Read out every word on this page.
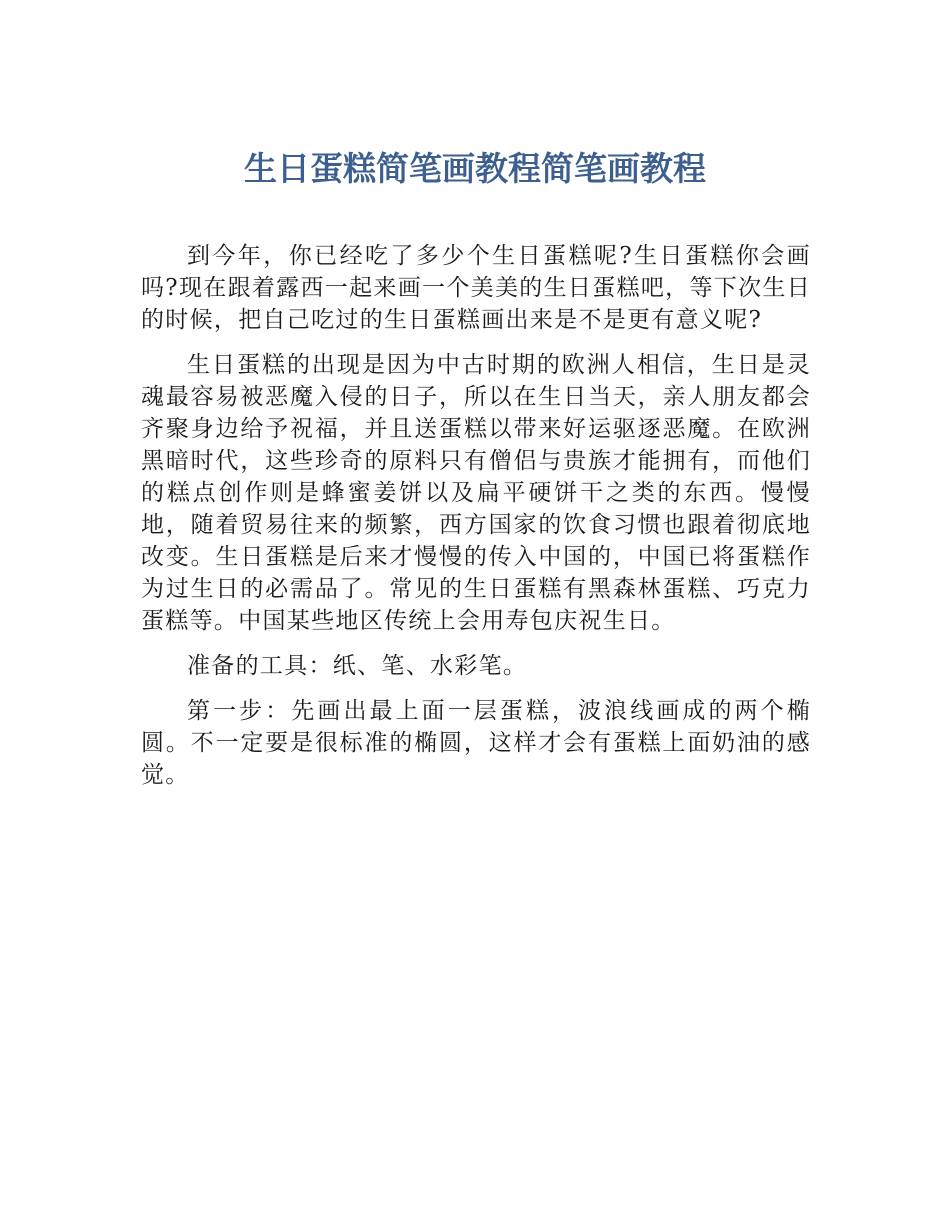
生日蛋糕简笔画教程简笔画教程

到今年，你已经吃了多少个生日蛋糕呢?生日蛋糕你会画吗?现在跟着露西一起来画一个美美的生日蛋糕吧，等下次生日的时候，把自己吃过的生日蛋糕画出来是不是更有意义呢?

生日蛋糕的出现是因为中古时期的欧洲人相信，生日是灵魂最容易被恶魔入侵的日子，所以在生日当天，亲人朋友都会齐聚身边给予祝福，并且送蛋糕以带来好运驱逐恶魔。在欧洲黑暗时代，这些珍奇的原料只有僧侣与贵族才能拥有，而他们的糕点创作则是蜂蜜姜饼以及扁平硬饼干之类的东西。慢慢地，随着贸易往来的频繁，西方国家的饮食习惯也跟着彻底地改变。生日蛋糕是后来才慢慢的传入中国的，中国已将蛋糕作为过生日的必需品了。常见的生日蛋糕有黑森林蛋糕、巧克力蛋糕等。中国某些地区传统上会用寿包庆祝生日。

准备的工具：纸、笔、水彩笔。

第一步：先画出最上面一层蛋糕，波浪线画成的两个椭圆。不一定要是很标准的椭圆，这样才会有蛋糕上面奶油的感觉。
